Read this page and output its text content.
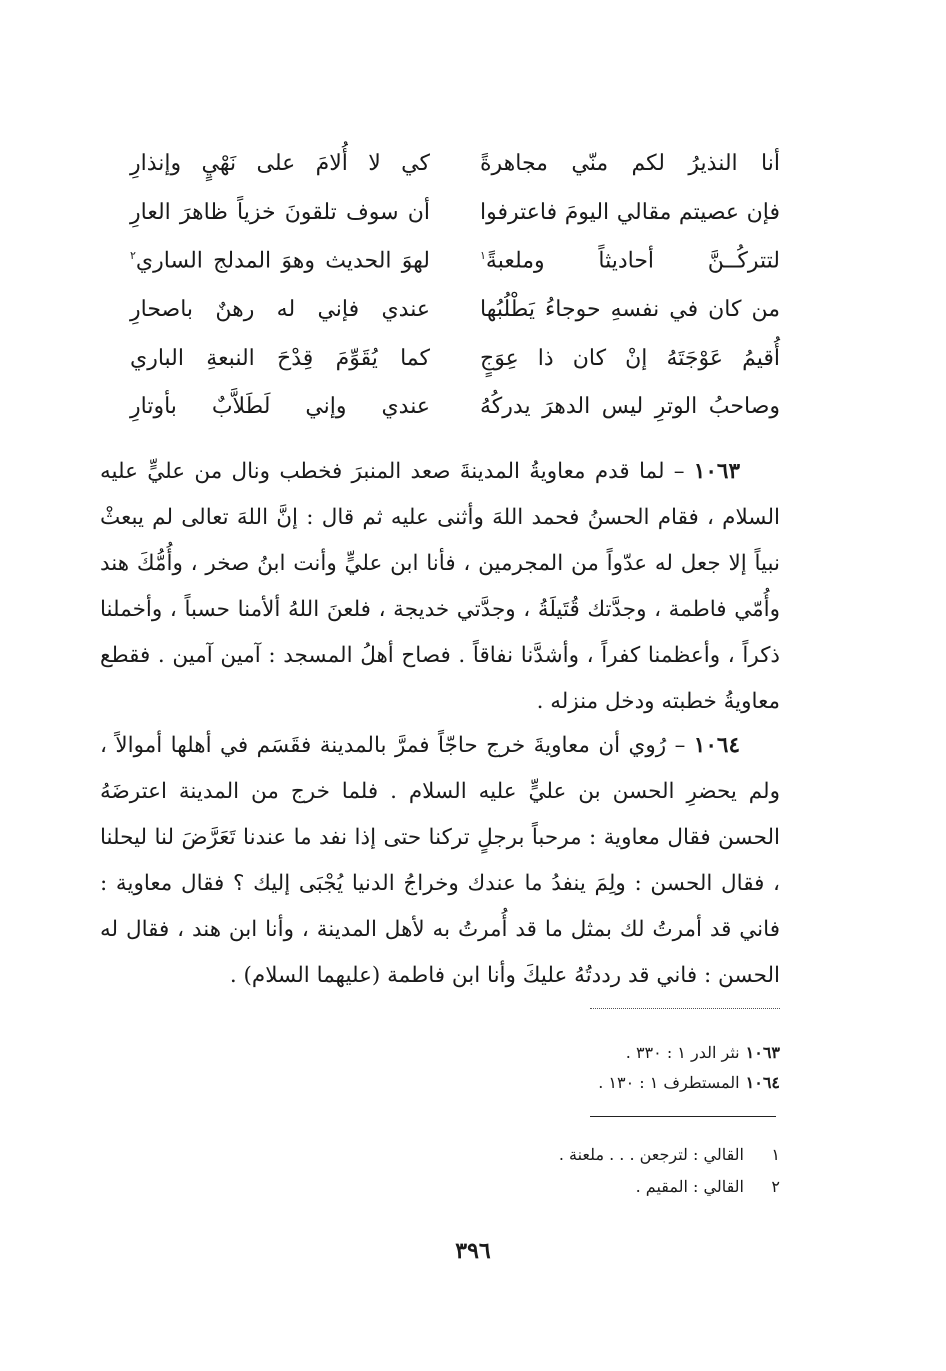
أنا النذيرُ لكم منّي مجاهرةً
كي لا أُلامَ على نَهْيٍ وإنذارِ
فإن عصيتم مقالي اليومَ فاعترفوا
أن سوف تلقونَ خزياً ظاهرَ العارِ
لتتركُــنَّ أحاديثاً وملعبةً$^١$
لهوَ الحديث وهوَ المدلج الساري$^٢$
من كان في نفسهِ حوجاءُ يَطْلُبُها
عندي فإني له رهنٌ باصحارِ
أُقيمُ عَوْجَتَهُ إنْ كان ذا عِوَجٍ
كما يُقَوِّمَ قِدْحَ النبعةِ الباري
وصاحبُ الوترِ ليس الدهرَ يدركُهُ
عندي وإني لَطَلاَّبٌ بأوتارِ

١٠٦٣ – لما قدم معاويةُ المدينةَ صعد المنبرَ فخطب ونال من عليٍّ عليه السلام ، فقام الحسنُ فحمد اللهَ وأثنى عليه ثم قال : إنَّ اللهَ تعالى لم يبعثْ نبياً إلا جعل له عدّواً من المجرمين ، فأنا ابن عليٍّ وأنت ابنُ صخر ، وأُمُّكَ هند وأُمّي فاطمة ، وجدَّتك قُتَيلَةُ ، وجدَّتي خديجة ، فلعنَ اللهُ ألأمنا حسباً ، وأخملنا ذكراً ، وأعظمنا كفراً ، وأشدَّنا نفاقاً . فصاح أهلُ المسجد : آمين آمين . فقطع معاويةُ خطبته ودخل منزله .

١٠٦٤ – رُوي أن معاويةَ خرج حاجّاً فمرَّ بالمدينة فقَسَم في أهلها أموالاً ، ولم يحضرِ الحسن بن عليٍّ عليه السلام . فلما خرج من المدينة اعترضَهُ الحسن فقال معاوية : مرحباً برجلٍ تركنا حتى إذا نفد ما عندنا تَعَرَّضَ لنا ليحلنا ، فقال الحسن : ولِمَ ينفدُ ما عندك وخراجُ الدنيا يُجْبَى إليك ؟ فقال معاوية : فاني قد أمرتُ لك بمثل ما قد أُمرتُ به لأهل المدينة ، وأنا ابن هند ، فقال له الحسن : فاني قد رددتُهُ عليكَ وأنا ابن فاطمة (عليهما السلام) .

١٠٦٣نثر الدر ١ : ٣٣٠ .
١٠٦٤المستطرف ١ : ١٣٠ .
١القالي : لترجعن . . . ملعنة .
٢القالي : المقيم .
٣٩٦
